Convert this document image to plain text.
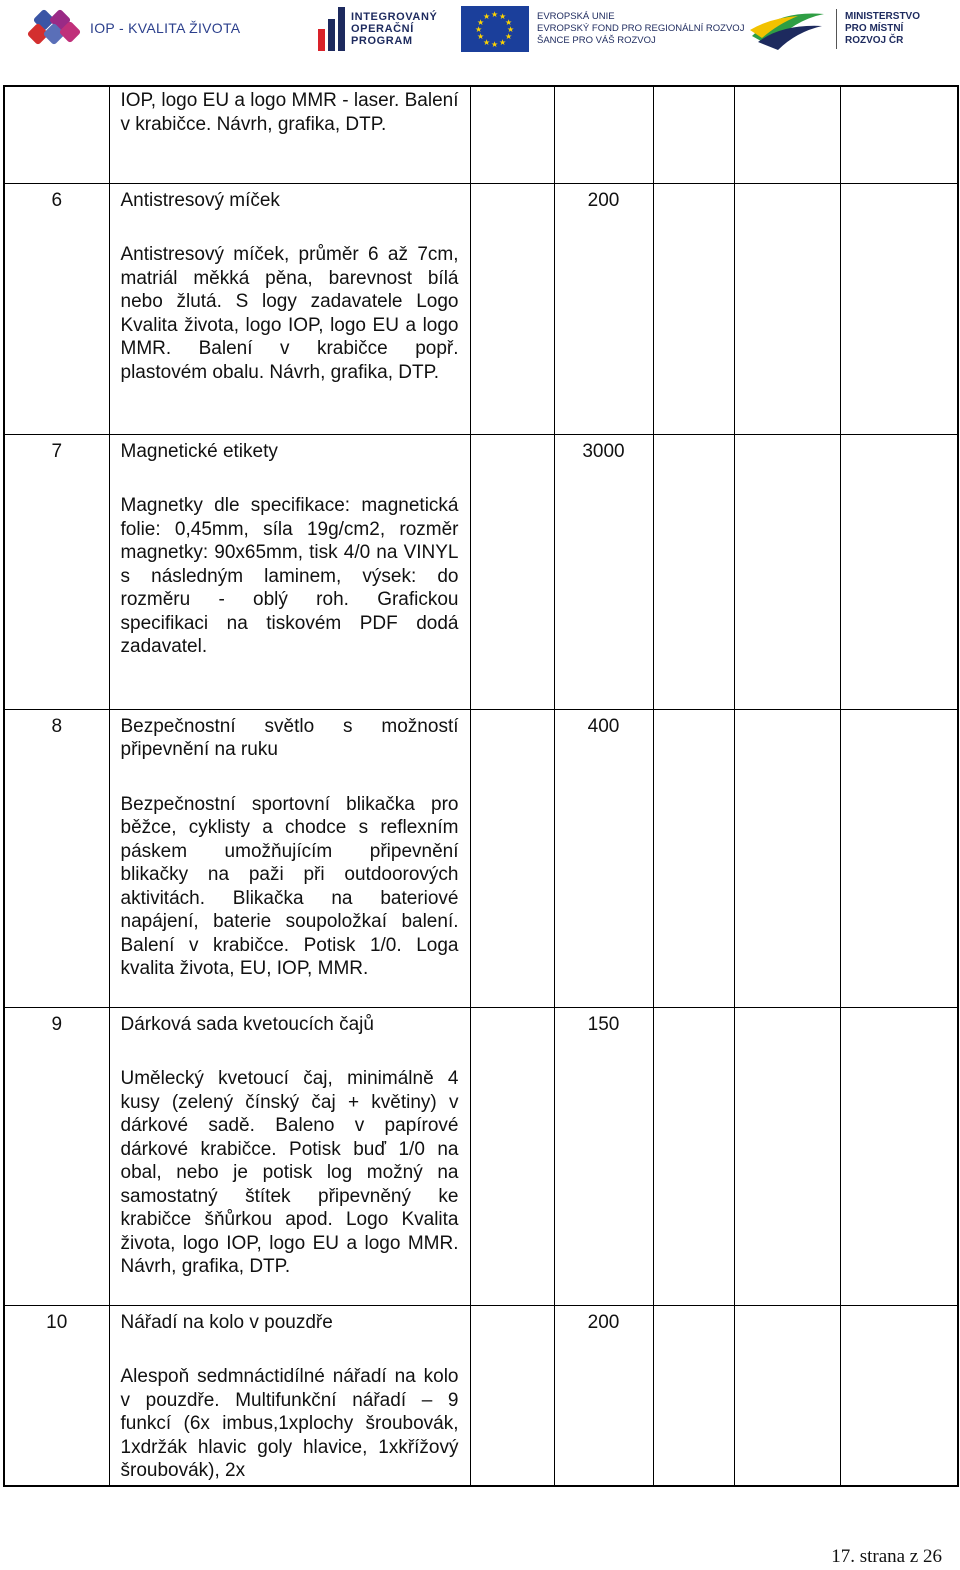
IOP - KVALITA ŽIVOTA
INTEGROVANÝ
OPERAČNÍ
PROGRAM
★ ★
★
★
★
★
★
★
★
★
★
★	EVROPSKÁ UNIE
EVROPSKÝ FOND PRO REGIONÁLNÍ ROZVOJ
ŠANCE PRO VÁŠ ROZVOJ
MINISTERSTVO
PRO MÍSTNÍ
ROZVOJ ČR

	IOP, logo EU a logo MMR - laser. Balení v krabičce. Návrh, grafika, DTP.					

6	Antistresový míček
Antistresový míček, průměr 6 až 7cm, matriál měkká pěna, barevnost bílá nebo žlutá. S logy zadavatele Logo Kvalita života, logo IOP, logo EU a logo MMR. Balení v krabičce popř. plastovém obalu. Návrh, grafika, DTP.		200			

7	Magnetické etikety
Magnetky dle specifikace: magnetická folie: 0,45mm, síla 19g/cm2, rozměr magnetky: 90x65mm, tisk 4/0 na VINYL s následným laminem, výsek: do rozměru - oblý roh. Grafickou specifikaci na tiskovém PDF dodá zadavatel.		3000			

8	Bezpečnostní světlo s možností připevnění na ruku
Bezpečnostní sportovní blikačka pro běžce, cyklisty a chodce s reflexním páskem umožňujícím připevnění blikačky na paži při outdoorových aktivitách. Blikačka na bateriové napájení, baterie soupoložkaí balení. Balení v krabičce. Potisk 1/0. Loga kvalita života, EU, IOP, MMR.		400			

9	Dárková sada kvetoucích čajů
Umělecký kvetoucí čaj, minimálně 4 kusy (zelený čínský čaj + květiny) v dárkové sadě. Baleno v papírové dárkové krabičce. Potisk buď 1/0 na obal, nebo je potisk log možný na samostatný štítek připevněný ke krabičce šňůrkou apod. Logo Kvalita života, logo IOP, logo EU a logo MMR. Návrh, grafika, DTP.		150			

10	Nářadí na kolo v pouzdře
Alespoň sedmnáctidílné nářadí na kolo v pouzdře. Multifunkční nářadí – 9 funkcí (6x imbus,1xplochy šroubovák, 1xdržák hlavic goly hlavice, 1xkřížový šroubovák), 2x		200			

17. strana z 26
